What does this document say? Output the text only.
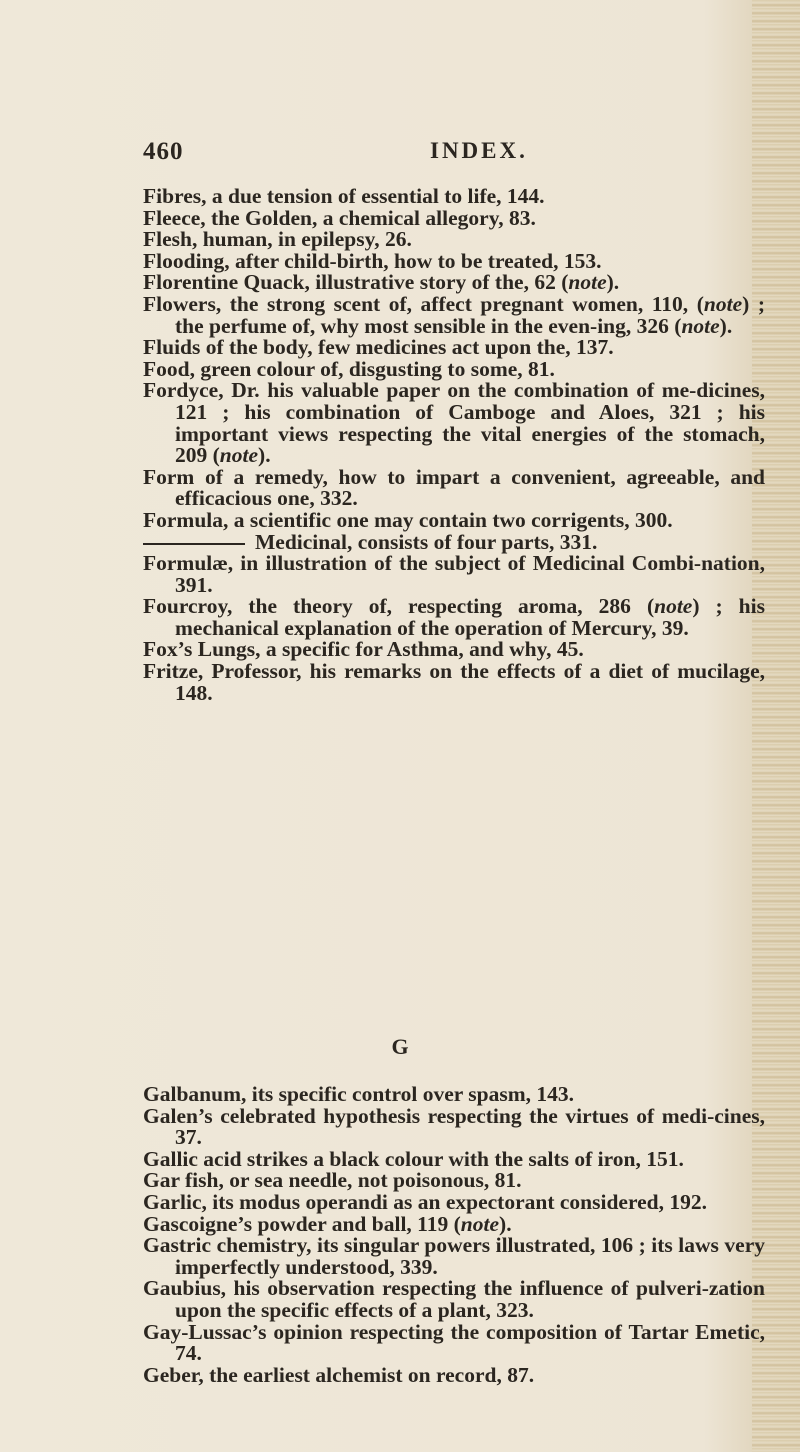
460	INDEX.

Fibres, a due tension of essential to life, 144.

Fleece, the Golden, a chemical allegory, 83.

Flesh, human, in epilepsy, 26.

Flooding, after child-birth, how to be treated, 153.

Florentine Quack, illustrative story of the, 62 (note).

Flowers, the strong scent of, affect pregnant women, 110, (note) ; the perfume of, why most sensible in the even-ing, 326 (note).

Fluids of the body, few medicines act upon the, 137.

Food, green colour of, disgusting to some, 81.

Fordyce, Dr. his valuable paper on the combination of me-dicines, 121 ; his combination of Camboge and Aloes, 321 ; his important views respecting the vital energies of the stomach, 209 (note).

Form of a remedy, how to impart a convenient, agreeable, and efficacious one, 332.

Formula, a scientific one may contain two corrigents, 300.

Medicinal, consists of four parts, 331.

Formulæ, in illustration of the subject of Medicinal Combi-nation, 391.

Fourcroy, the theory of, respecting aroma, 286 (note) ; his mechanical explanation of the operation of Mercury, 39.

Fox’s Lungs, a specific for Asthma, and why, 45.

Fritze, Professor, his remarks on the effects of a diet of mucilage, 148.

G

Galbanum, its specific control over spasm, 143.

Galen’s celebrated hypothesis respecting the virtues of medi-cines, 37.

Gallic acid strikes a black colour with the salts of iron, 151.

Gar fish, or sea needle, not poisonous, 81.

Garlic, its modus operandi as an expectorant considered, 192.

Gascoigne’s powder and ball, 119 (note).

Gastric chemistry, its singular powers illustrated, 106 ; its laws very imperfectly understood, 339.

Gaubius, his observation respecting the influence of pulveri-zation upon the specific effects of a plant, 323.

Gay-Lussac’s opinion respecting the composition of Tartar Emetic, 74.

Geber, the earliest alchemist on record, 87.
